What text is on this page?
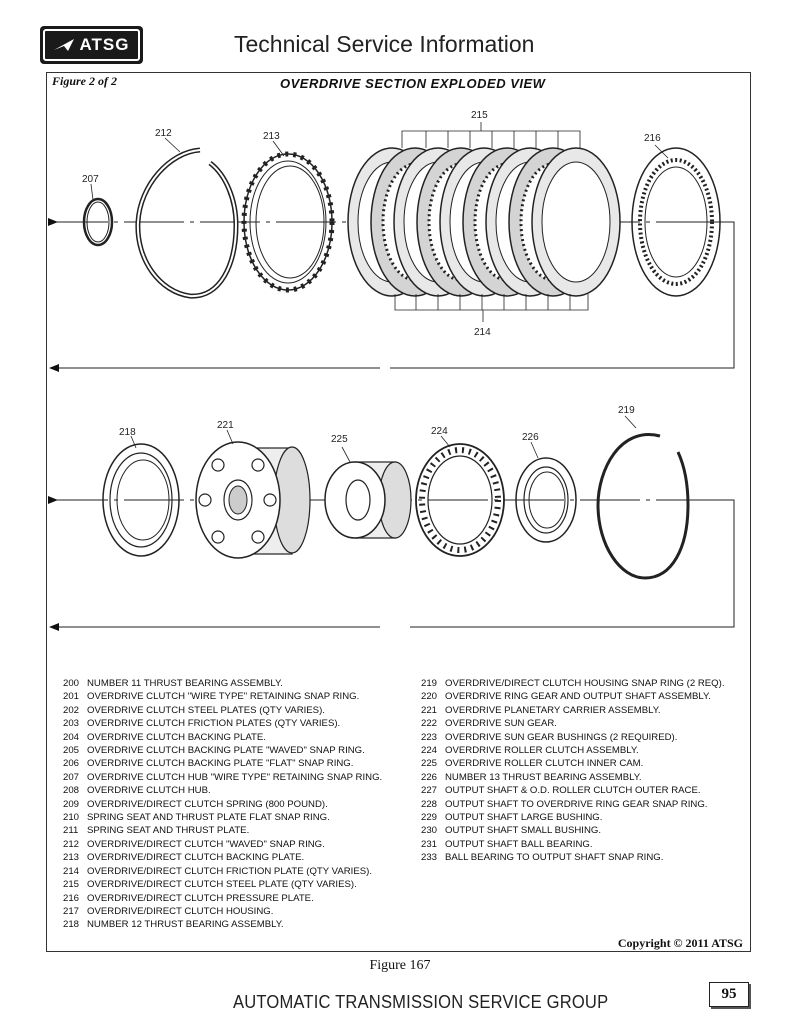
ATSG	Technical Service Information
Figure 2 of 2	OVERDRIVE SECTION EXPLODED VIEW
207
212	213
215
216
214
218
221
225
224
226
219
200 NUMBER 11 THRUST BEARING ASSEMBLY.
201 OVERDRIVE CLUTCH "WIRE TYPE" RETAINING SNAP RING.
202 OVERDRIVE CLUTCH STEEL PLATES (QTY VARIES).
203 OVERDRIVE CLUTCH FRICTION PLATES (QTY VARIES).
204 OVERDRIVE CLUTCH BACKING PLATE.
205 OVERDRIVE CLUTCH BACKING PLATE "WAVED" SNAP RING.
206 OVERDRIVE CLUTCH BACKING PLATE "FLAT" SNAP RING.
207 OVERDRIVE CLUTCH HUB "WIRE TYPE" RETAINING SNAP RING.
208 OVERDRIVE CLUTCH HUB.
209 OVERDRIVE/DIRECT CLUTCH SPRING (800 POUND).
210 SPRING SEAT AND THRUST PLATE FLAT SNAP RING.
211 SPRING SEAT AND THRUST PLATE.
212 OVERDRIVE/DIRECT CLUTCH "WAVED" SNAP RING.
213 OVERDRIVE/DIRECT CLUTCH BACKING PLATE.
214 OVERDRIVE/DIRECT CLUTCH FRICTION PLATE (QTY VARIES).
215 OVERDRIVE/DIRECT CLUTCH STEEL PLATE (QTY VARIES).
216 OVERDRIVE/DIRECT CLUTCH PRESSURE PLATE.
217 OVERDRIVE/DIRECT CLUTCH HOUSING.
218 NUMBER 12 THRUST BEARING ASSEMBLY.
219 OVERDRIVE/DIRECT CLUTCH HOUSING SNAP RING (2 REQ).
220 OVERDRIVE RING GEAR AND OUTPUT SHAFT ASSEMBLY.
221 OVERDRIVE PLANETARY CARRIER ASSEMBLY.
222 OVERDRIVE SUN GEAR.
223 OVERDRIVE SUN GEAR BUSHINGS (2 REQUIRED).
224 OVERDRIVE ROLLER CLUTCH ASSEMBLY.
225 OVERDRIVE ROLLER CLUTCH INNER CAM.
226 NUMBER 13 THRUST BEARING ASSEMBLY.
227 OUTPUT SHAFT & O.D. ROLLER CLUTCH OUTER RACE.
228 OUTPUT SHAFT TO OVERDRIVE RING GEAR SNAP RING.
229 OUTPUT SHAFT LARGE BUSHING.
230 OUTPUT SHAFT SMALL BUSHING.
231 OUTPUT SHAFT BALL BEARING.
233 BALL BEARING TO OUTPUT SHAFT SNAP RING.
Copyright © 2011 ATSG
Figure 167
AUTOMATIC TRANSMISSION SERVICE GROUP	95
